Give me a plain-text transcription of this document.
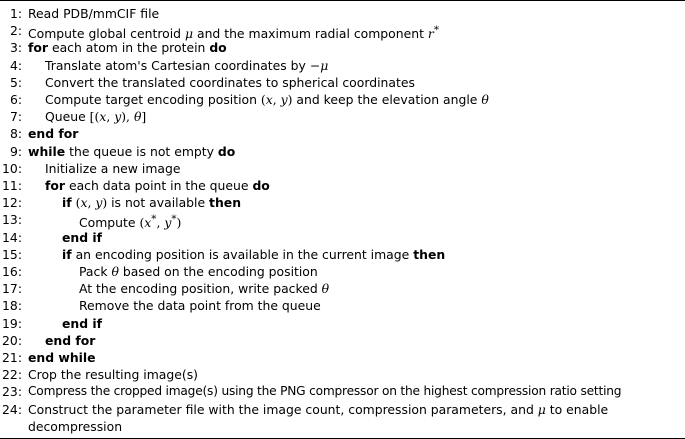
1: Read PDB/mmCIF file
2: Compute global centroid μ and the maximum radial component r*
3: for each atom in the protein do
4: Translate atom's Cartesian coordinates by −μ
5: Convert the translated coordinates to spherical coordinates
6: Compute target encoding position (x, y) and keep the elevation angle θ
7: Queue [(x, y), θ]
8: end for
9: while the queue is not empty do
10: Initialize a new image
11: for each data point in the queue do
12:	if (x, y) is not available then
13:	Compute (x*, y*)
14:	end if
15:	if an encoding position is available in the current image then
16:	Pack θ based on the encoding position
17:	At the encoding position, write packed θ
18:	Remove the data point from the queue
19:	end if
20: end for
21: end while
22: Crop the resulting image(s)
23: Compress the cropped image(s) using the PNG compressor on the highest compression ratio setting
24: Construct the parameter file with the image count, compression parameters, and μ to enable
decompression
